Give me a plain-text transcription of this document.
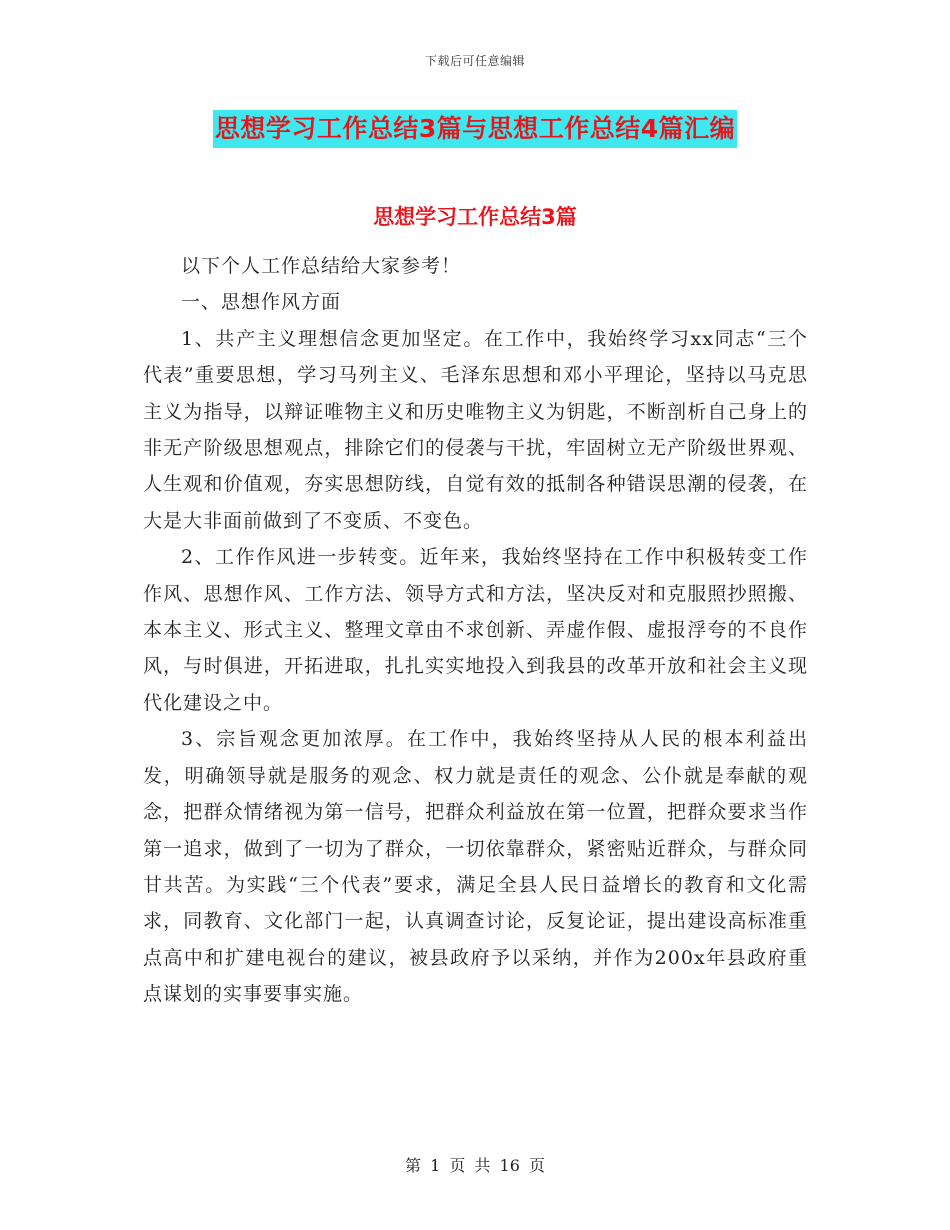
下载后可任意编辑
思想学习工作总结3篇与思想工作总结4篇汇编
思想学习工作总结3篇

以下个人工作总结给大家参考！

一、思想作风方面

1、共产主义理想信念更加坚定。在工作中，我始终学习xx同志“三个代表”重要思想，学习马列主义、毛泽东思想和邓小平理论，坚持以马克思主义为指导，以辩证唯物主义和历史唯物主义为钥匙，不断剖析自己身上的非无产阶级思想观点，排除它们的侵袭与干扰，牢固树立无产阶级世界观、人生观和价值观，夯实思想防线，自觉有效的抵制各种错误思潮的侵袭，在大是大非面前做到了不变质、不变色。

2、工作作风进一步转变。近年来，我始终坚持在工作中积极转变工作作风、思想作风、工作方法、领导方式和方法，坚决反对和克服照抄照搬、本本主义、形式主义、整理文章由不求创新、弄虚作假、虚报浮夸的不良作风，与时俱进，开拓进取，扎扎实实地投入到我县的改革开放和社会主义现代化建设之中。

3、宗旨观念更加浓厚。在工作中，我始终坚持从人民的根本利益出发，明确领导就是服务的观念、权力就是责任的观念、公仆就是奉献的观念，把群众情绪视为第一信号，把群众利益放在第一位置，把群众要求当作第一追求，做到了一切为了群众，一切依靠群众，紧密贴近群众，与群众同甘共苦。为实践“三个代表”要求，满足全县人民日益增长的教育和文化需求，同教育、文化部门一起，认真调查讨论，反复论证，提出建设高标准重点高中和扩建电视台的建议，被县政府予以采纳，并作为200x年县政府重点谋划的实事要事实施。

第 1 页 共 16 页
